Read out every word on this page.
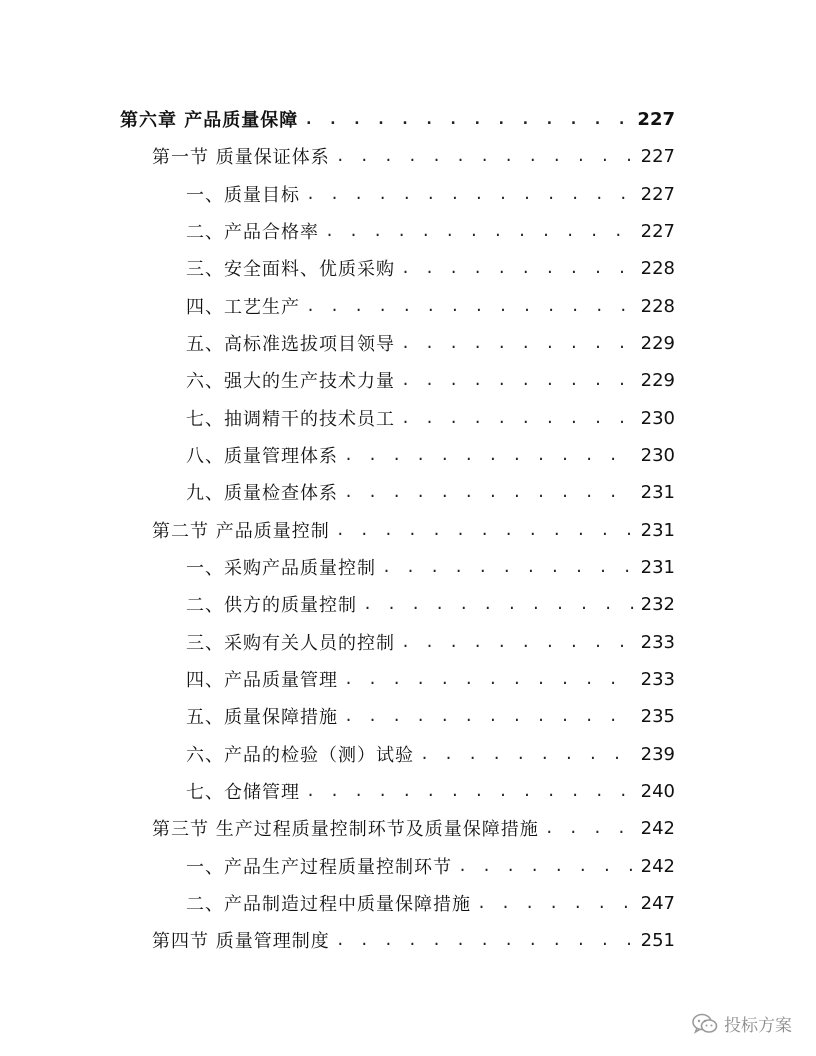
第六章 产品质量保障 . . .	227
第一节 质量保证体系 . . .	227
一、质量目标 . . .	227
二、产品合格率 . . .	227
三、安全面料、优质采购 . . .	228
四、工艺生产 . . .	228
五、高标准选拔项目领导 . . .	229
六、强大的生产技术力量 . . .	229
七、抽调精干的技术员工 . . .	230
八、质量管理体系 . . .	230
九、质量检查体系 . . .	231
第二节 产品质量控制 . . .	231
一、采购产品质量控制 . . .	231
二、供方的质量控制 . . .	232
三、采购有关人员的控制 . . .	233
四、产品质量管理 . . .	233
五、质量保障措施 . . .	235
六、产品的检验（测）试验 . . .	239
七、仓储管理 . . .	240
第三节 生产过程质量控制环节及质量保障措施 . . .	242
一、产品生产过程质量控制环节 . . .	242
二、产品制造过程中质量保障措施 . . .	247
第四节 质量管理制度 . . .	251
投标方案
